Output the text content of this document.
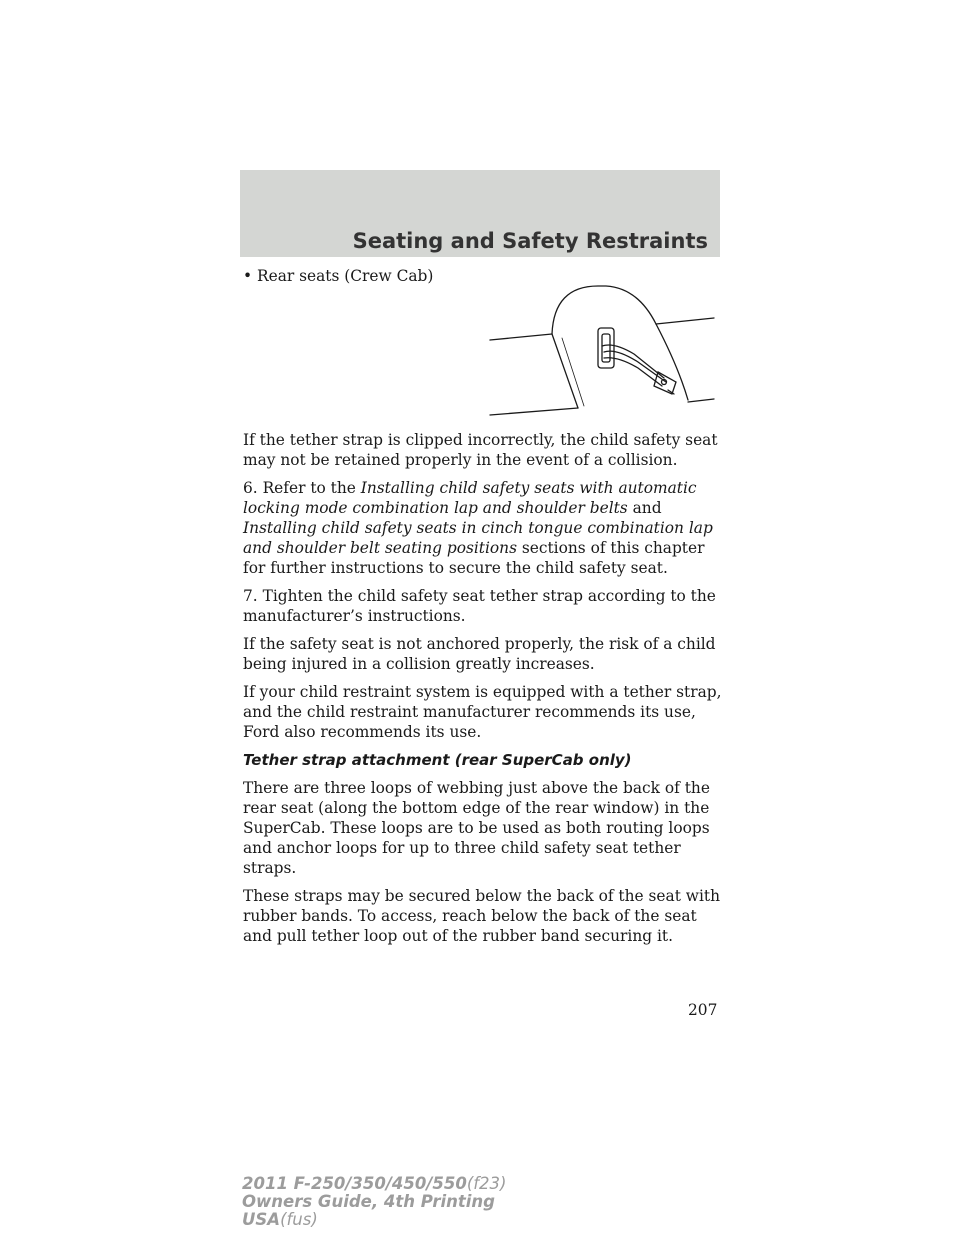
Seating and Safety Restraints
• Rear seats (Crew Cab)

If the tether strap is clipped incorrectly, the child safety seat may not be retained properly in the event of a collision.

6. Refer to the Installing child safety seats with automatic locking mode combination lap and shoulder belts and Installing child safety seats in cinch tongue combination lap and shoulder belt seating positions sections of this chapter for further instructions to secure the child safety seat.

7. Tighten the child safety seat tether strap according to the manufacturer’s instructions.

If the safety seat is not anchored properly, the risk of a child being injured in a collision greatly increases.

If your child restraint system is equipped with a tether strap, and the child restraint manufacturer recommends its use, Ford also recommends its use.

Tether strap attachment (rear SuperCab only)

There are three loops of webbing just above the back of the rear seat (along the bottom edge of the rear window) in the SuperCab. These loops are to be used as both routing loops and anchor loops for up to three child safety seat tether straps.

These straps may be secured below the back of the seat with rubber bands. To access, reach below the back of the seat and pull tether loop out of the rubber band securing it.

207
2011 F-250/350/450/550(f23)
Owners Guide, 4th Printing
USA(fus)
